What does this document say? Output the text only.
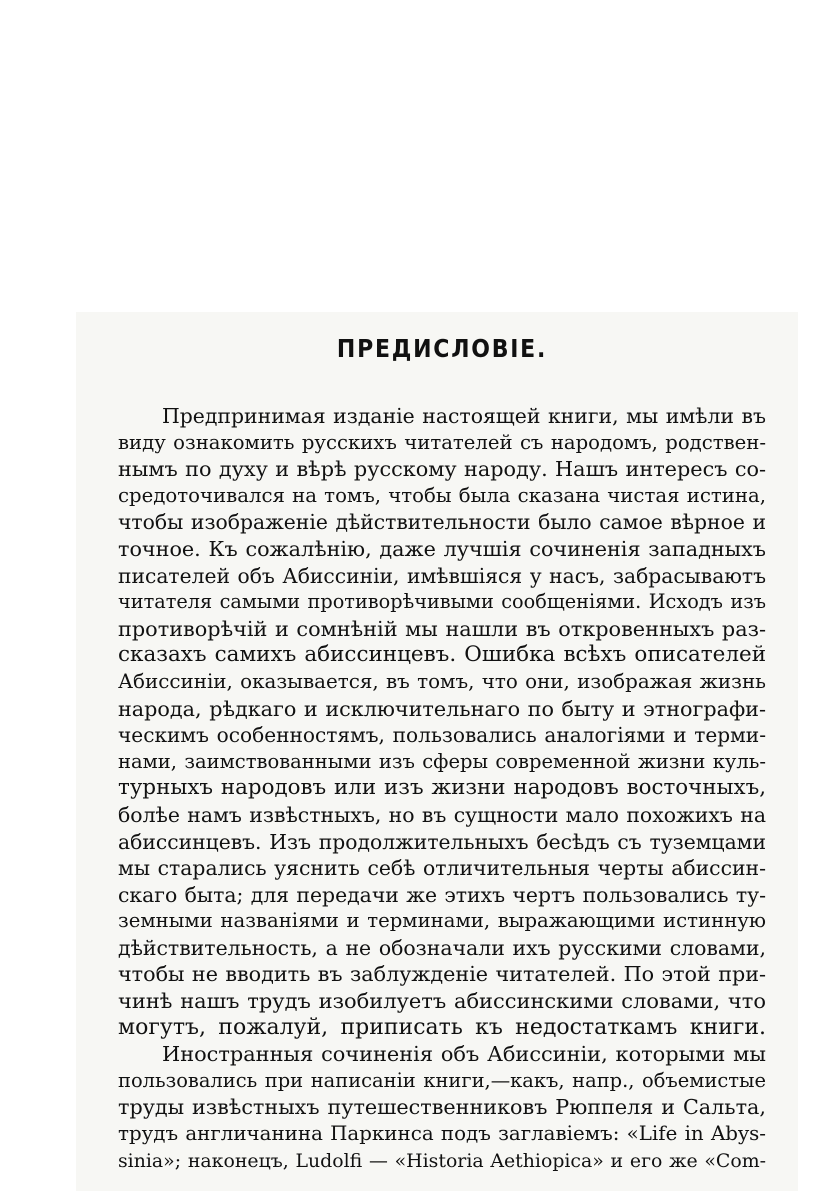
ПРЕДИСЛОВІЕ.
Предпринимая изданіе настоящей книги, мы имѣли въ
виду ознакомить русскихъ читателей съ народомъ, родствен-
нымъ по духу и вѣрѣ русскому народу. Нашъ интересъ со-
средоточивался на томъ, чтобы была сказана чистая истина,
чтобы изображеніе дѣйствительности было самое вѣрное и
точное. Къ сожалѣнію, даже лучшія сочиненія западныхъ
писателей объ Абиссиніи, имѣвшіяся у насъ, забрасываютъ
читателя самыми противорѣчивыми сообщеніями. Исходъ изъ
противорѣчій и сомнѣній мы нашли въ откровенныхъ раз-
сказахъ самихъ абиссинцевъ. Ошибка всѣхъ описателей
Абиссиніи, оказывается, въ томъ, что они, изображая жизнь
народа, рѣдкаго и исключительнаго по быту и этнографи-
ческимъ особенностямъ, пользовались аналогіями и терми-
нами, заимствованными изъ сферы современной жизни куль-
турныхъ народовъ или изъ жизни народовъ восточныхъ,
болѣе намъ извѣстныхъ, но въ сущности мало похожихъ на
абиссинцевъ. Изъ продолжительныхъ бесѣдъ съ туземцами
мы старались уяснить себѣ отличительныя черты абиссин-
скаго быта; для передачи же этихъ чертъ пользовались ту-
земными названіями и терминами, выражающими истинную
дѣйствительность, а не обозначали ихъ русскими словами,
чтобы не вводить въ заблужденіе читателей. По этой при-
чинѣ нашъ трудъ изобилуетъ абиссинскими словами, что
могутъ, пожалуй, приписать къ недостаткамъ книги.
Иностранныя сочиненія объ Абиссиніи, которыми мы
пользовались при написаніи книги,—какъ, напр., объемистые
труды извѣстныхъ путешественниковъ Рюппеля и Сальта,
трудъ англичанина Паркинса подъ заглавіемъ: «Life in Abys-
sinia»; наконецъ, Ludolfi — «Historia Aethiopica» и его же «Com-
